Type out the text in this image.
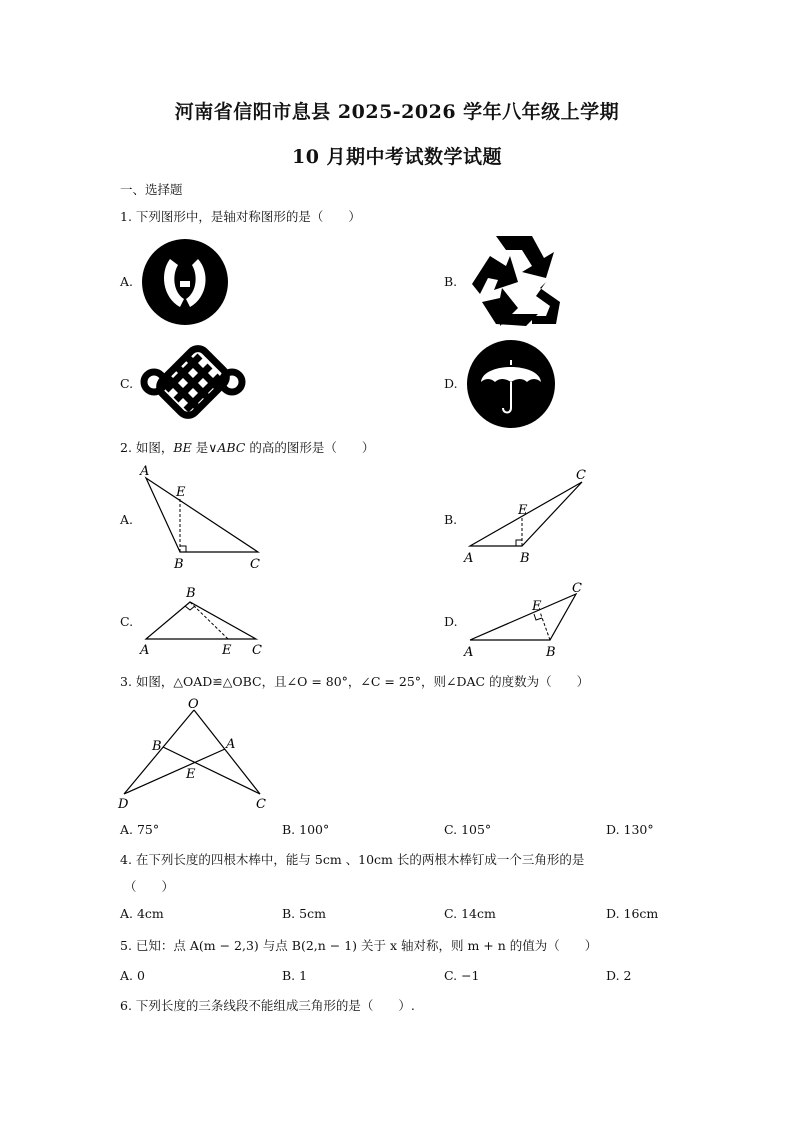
河南省信阳市息县 2025-2026 学年八年级上学期
10 月期中考试数学试题
一、选择题
1. 下列图形中，是轴对称图形的是（　　）
A.	B.
C.	D.
2. 如图，BE 是∨ABC 的高的图形是（　　）
A.
A
E
B	C
B.
A
E
B
C
C.
B
A	E C
D.
A
E
B
C
3. 如图，△OAD≌△OBC，且∠O = 80°，∠C = 25°，则∠DAC 的度数为（　　）
O
B	A
E
D	C
A. 75°	B. 100°	C. 105°	D. 130°
4. 在下列长度的四根木棒中，能与 5cm 、10cm 长的两根木棒钉成一个三角形的是
（　　）
A. 4cm	B. 5cm	C. 14cm	D. 16cm
5. 已知：点 A(m − 2,3) 与点 B(2,n − 1) 关于 x 轴对称，则 m + n 的值为（　　）
A. 0	B. 1	C. −1	D. 2
6. 下列长度的三条线段不能组成三角形的是（　　）.
